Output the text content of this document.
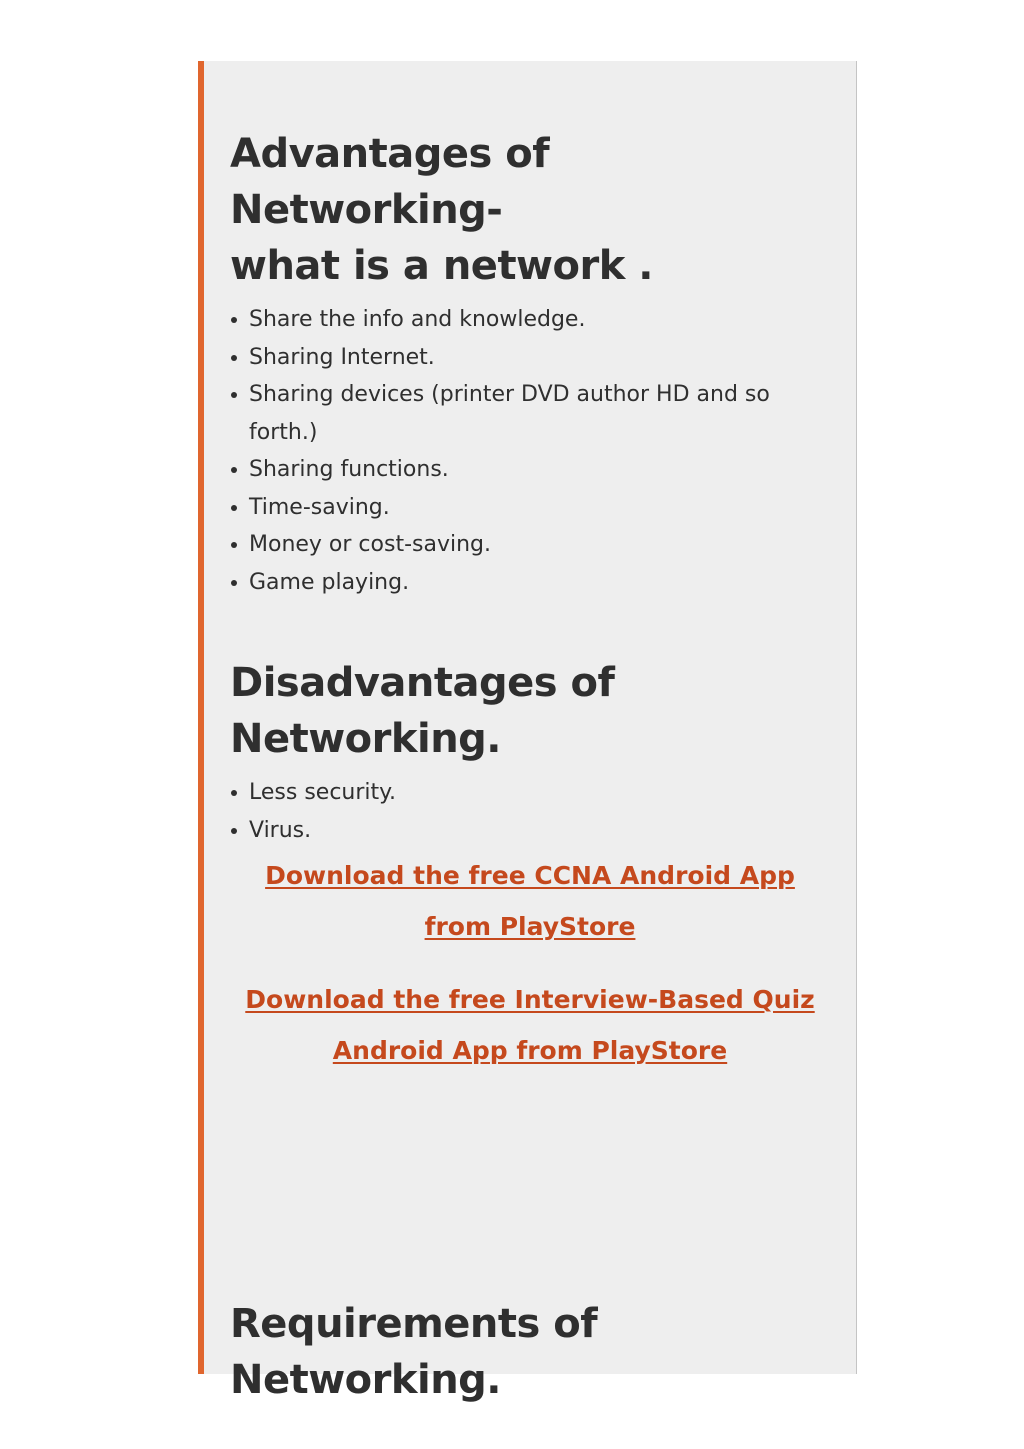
Advantages of Networking-
what is a network .
Share the info and knowledge.
Sharing Internet.
Sharing devices (printer DVD author HD and so forth.)
Sharing functions.
Time-saving.
Money or cost-saving.
Game playing.
Disadvantages of
Networking.
Less security.
Virus.

Download the free CCNA Android App
from PlayStore

Download the free Interview-Based Quiz
Android App from PlayStore

Requirements of
Networking.
